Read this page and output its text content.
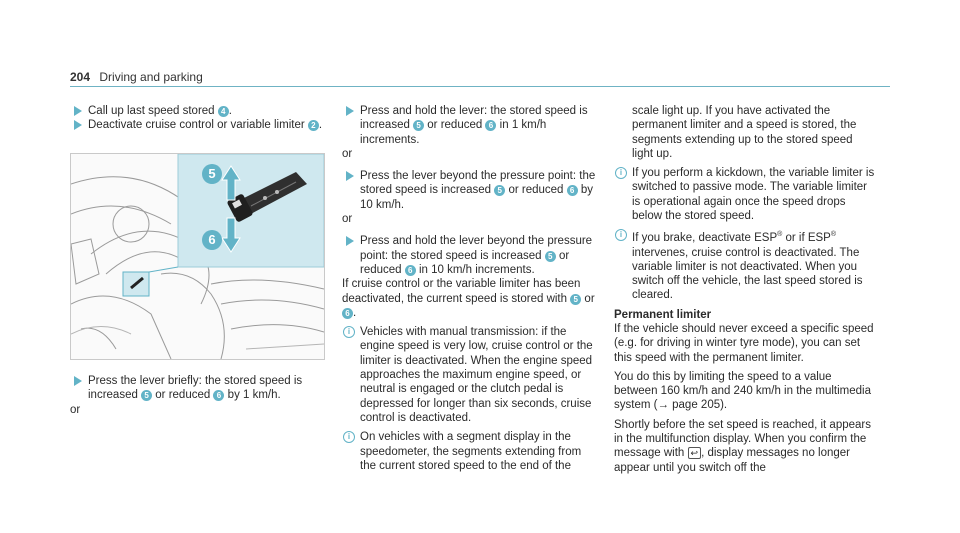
204 Driving and parking
Call up last speed stored 4 .
Deactivate cruise control or variable limiter 2 .
5
6
Press the lever briefly: the stored speed is increased 5 or reduced 6 by 1 km/h.
or
Press and hold the lever: the stored speed is increased 5 or reduced 6 in 1 km/h increments.
or
Press the lever beyond the pressure point: the stored speed is increased 5 or reduced 6 by 10 km/h.
or
Press and hold the lever beyond the pressure point: the stored speed is increased 5 or reduced 6 in 10 km/h increments.
If cruise control or the variable limiter has been deactivated, the current speed is stored with 5 or 6 .
i Vehicles with manual transmission: if the engine speed is very low, cruise control or the limiter is deactivated. When the engine speed approaches the maximum engine speed, or neutral is engaged or the clutch pedal is depressed for longer than six seconds, cruise control is deactivated.
i On vehicles with a segment display in the speedometer, the segments extending from the current stored speed to the end of the
scale light up. If you have activated the permanent limiter and a speed is stored, the segments extending up to the stored speed light up.
i If you perform a kickdown, the variable limiter is switched to passive mode. The variable limiter is operational again once the speed drops below the stored speed.
i If you brake, deactivate ESP® or if ESP® intervenes, cruise control is deactivated. The variable limiter is not deactivated. When you switch off the vehicle, the last speed stored is cleared.
Permanent limiter
If the vehicle should never exceed a specific speed (e.g. for driving in winter tyre mode), you can set this speed with the permanent limiter.
You do this by limiting the speed to a value between 160 km/h and 240 km/h in the multimedia system (→ page 205).
Shortly before the set speed is reached, it appears in the multifunction display. When you confirm the message with ↩ , display messages no longer appear until you switch off the
